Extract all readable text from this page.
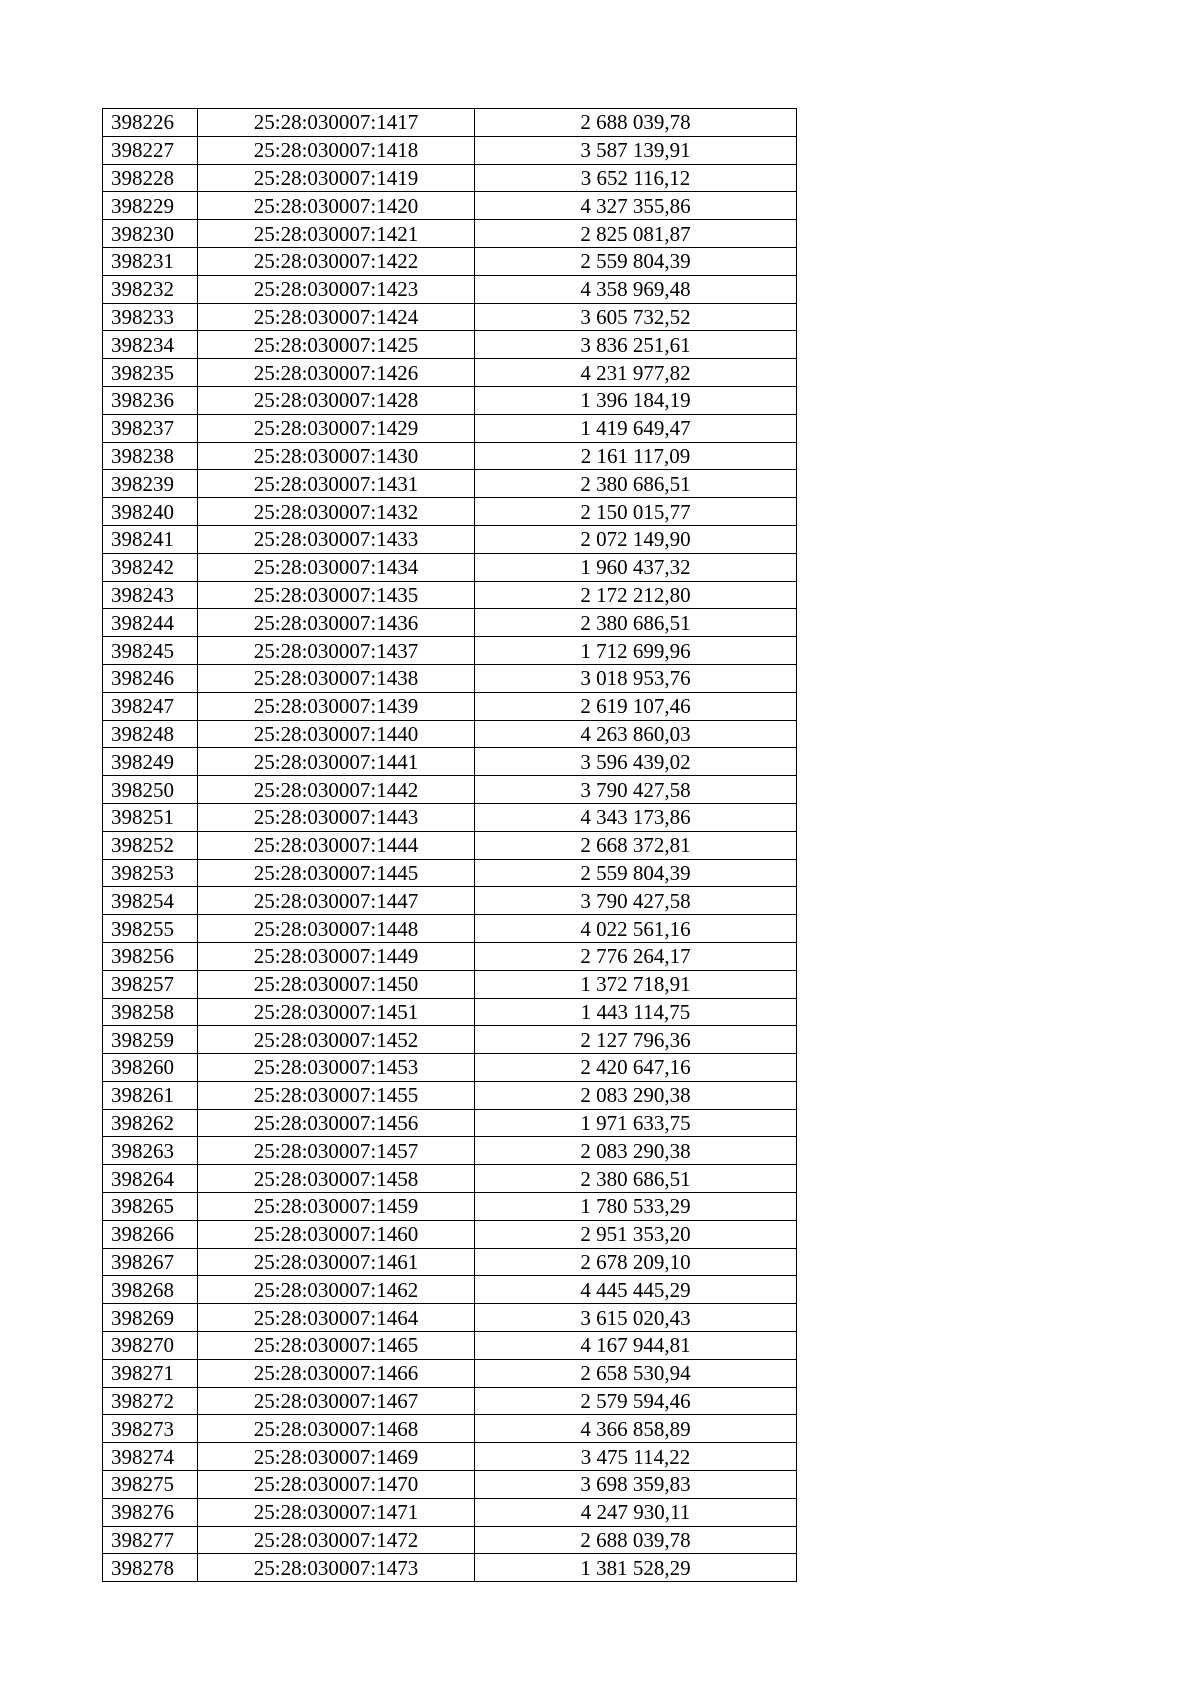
398226	25:28:030007:1417	2 688 039,78
398227	25:28:030007:1418	3 587 139,91
398228	25:28:030007:1419	3 652 116,12
398229	25:28:030007:1420	4 327 355,86
398230	25:28:030007:1421	2 825 081,87
398231	25:28:030007:1422	2 559 804,39
398232	25:28:030007:1423	4 358 969,48
398233	25:28:030007:1424	3 605 732,52
398234	25:28:030007:1425	3 836 251,61
398235	25:28:030007:1426	4 231 977,82
398236	25:28:030007:1428	1 396 184,19
398237	25:28:030007:1429	1 419 649,47
398238	25:28:030007:1430	2 161 117,09
398239	25:28:030007:1431	2 380 686,51
398240	25:28:030007:1432	2 150 015,77
398241	25:28:030007:1433	2 072 149,90
398242	25:28:030007:1434	1 960 437,32
398243	25:28:030007:1435	2 172 212,80
398244	25:28:030007:1436	2 380 686,51
398245	25:28:030007:1437	1 712 699,96
398246	25:28:030007:1438	3 018 953,76
398247	25:28:030007:1439	2 619 107,46
398248	25:28:030007:1440	4 263 860,03
398249	25:28:030007:1441	3 596 439,02
398250	25:28:030007:1442	3 790 427,58
398251	25:28:030007:1443	4 343 173,86
398252	25:28:030007:1444	2 668 372,81
398253	25:28:030007:1445	2 559 804,39
398254	25:28:030007:1447	3 790 427,58
398255	25:28:030007:1448	4 022 561,16
398256	25:28:030007:1449	2 776 264,17
398257	25:28:030007:1450	1 372 718,91
398258	25:28:030007:1451	1 443 114,75
398259	25:28:030007:1452	2 127 796,36
398260	25:28:030007:1453	2 420 647,16
398261	25:28:030007:1455	2 083 290,38
398262	25:28:030007:1456	1 971 633,75
398263	25:28:030007:1457	2 083 290,38
398264	25:28:030007:1458	2 380 686,51
398265	25:28:030007:1459	1 780 533,29
398266	25:28:030007:1460	2 951 353,20
398267	25:28:030007:1461	2 678 209,10
398268	25:28:030007:1462	4 445 445,29
398269	25:28:030007:1464	3 615 020,43
398270	25:28:030007:1465	4 167 944,81
398271	25:28:030007:1466	2 658 530,94
398272	25:28:030007:1467	2 579 594,46
398273	25:28:030007:1468	4 366 858,89
398274	25:28:030007:1469	3 475 114,22
398275	25:28:030007:1470	3 698 359,83
398276	25:28:030007:1471	4 247 930,11
398277	25:28:030007:1472	2 688 039,78
398278	25:28:030007:1473	1 381 528,29
